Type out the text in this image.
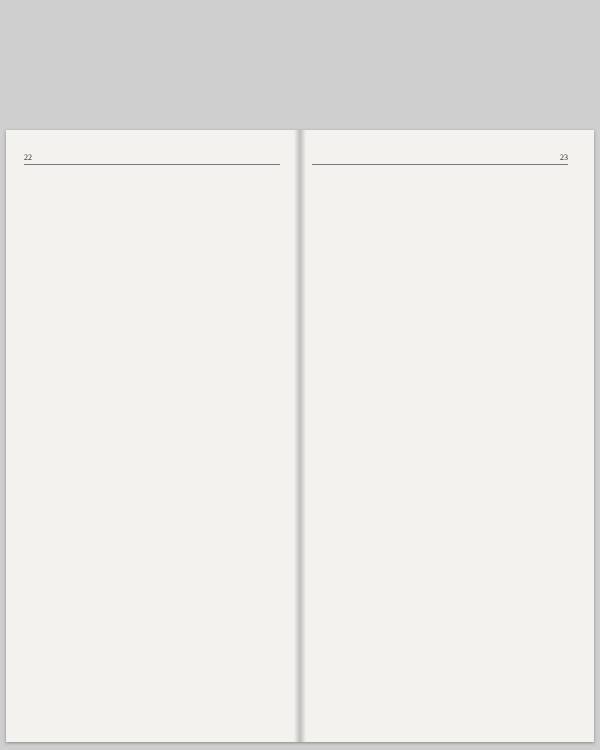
22	23
